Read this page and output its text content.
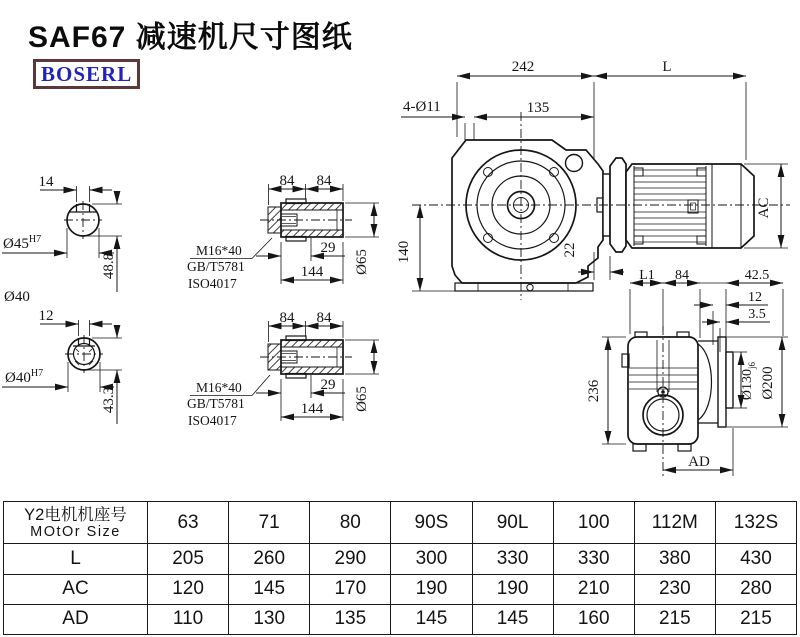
SAF67 减速机尺寸图纸
BOSERL
14
$Ø45^{H7}$
48.8
Ø40
12
$Ø40^{H7}$
43.3
84 84
29
144 Ø65
M16*40
GB/T5781
ISO4017
84 84
29
144 Ø65
M16*40
GB/T5781
ISO4017
242	L
4-Ø11	135
140	22
AC
L1 84	42.5
12
3.5
236	$Ø130_{j6}$
Ø200
AD
Y2电机机座号
MOtOr Size	63	71	80	90S	90L	100	112M	132S
L	205	260	290	300	330	330	380	430
AC	120	145	170	190	190	210	230	280
AD	110	130	135	145	145	160	215	215
